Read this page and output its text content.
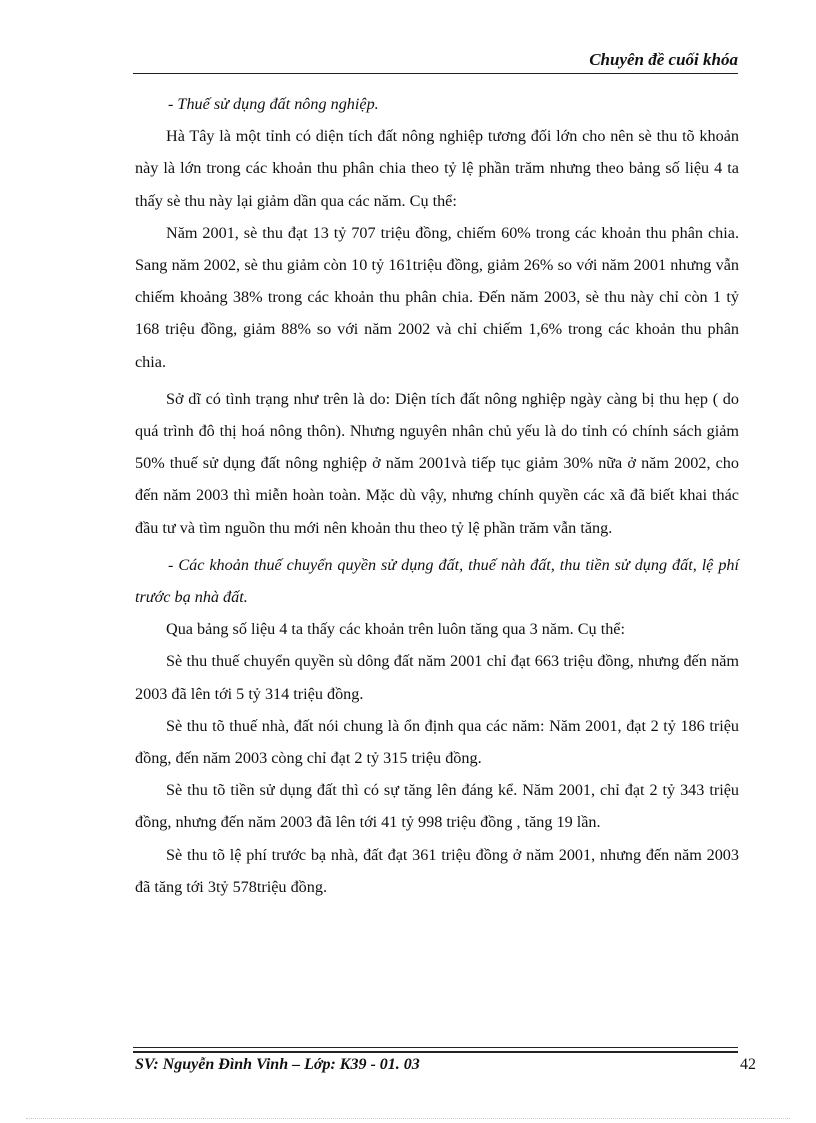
Chuyên đề cuối khóa

- Thuế sử dụng đất nông nghiệp.

Hà Tây là một tỉnh có diện tích đất nông nghiệp tương đối lớn cho nên sè thu tõ khoản này là lớn trong các khoản thu phân chia theo tỷ lệ phần trăm nhưng theo bảng số liệu 4 ta thấy sè thu này lại giảm dần qua các năm. Cụ thể:

Năm 2001, sè thu đạt 13 tỷ 707 triệu đồng, chiếm 60% trong các khoản thu phân chia. Sang năm 2002, sè thu giảm còn 10 tỷ 161triệu đồng, giảm 26% so với năm 2001 nhưng vẫn chiếm khoảng 38% trong các khoản thu phân chia. Đến năm 2003, sè thu này chỉ còn 1 tỷ 168 triệu đồng, giảm 88% so với năm 2002 và chỉ chiếm 1,6% trong các khoản thu phân chia.

Sở dĩ có tình trạng như trên là do: Diện tích đất nông nghiệp ngày càng bị thu hẹp ( do quá trình đô thị hoá nông thôn). Nhưng nguyên nhân chủ yếu là do tỉnh có chính sách giảm 50% thuế sử dụng đất nông nghiệp ở năm 2001và tiếp tục giảm 30% nữa ở năm 2002, cho đến năm 2003 thì miễn hoàn toàn. Mặc dù vậy, nhưng chính quyền các xã đã biết khai thác đầu tư và tìm nguồn thu mới nên khoản thu theo tỷ lệ phần trăm vẫn tăng.

- Các khoản thuế chuyển quyền sử dụng đất, thuế nàh đất, thu tiền sử dụng đất, lệ phí trước bạ nhà đất.

Qua bảng số liệu 4 ta thấy các khoản trên luôn tăng qua 3 năm. Cụ thể:

Sè thu thuế chuyển quyền sù dông đất năm 2001 chỉ đạt 663 triệu đồng, nhưng đến năm 2003 đã lên tới 5 tỷ 314 triệu đồng.

Sè thu tõ thuế nhà, đất nói chung là ổn định qua các năm: Năm 2001, đạt 2 tỷ 186 triệu đồng, đến năm 2003 còng chỉ đạt 2 tỷ 315 triệu đồng.

Sè thu tõ tiền sử dụng đất thì có sự tăng lên đáng kể. Năm 2001, chỉ đạt 2 tỷ 343 triệu đồng, nhưng đến năm 2003 đã lên tới 41 tỷ 998 triệu đồng , tăng 19 lần.

Sè thu tõ lệ phí trước bạ nhà, đất đạt 361 triệu đồng ở năm 2001, nhưng đến năm 2003 đã tăng tới 3tỷ 578triệu đồng.

SV: Nguyễn Đình Vinh – Lớp: K39 - 01. 03	42
